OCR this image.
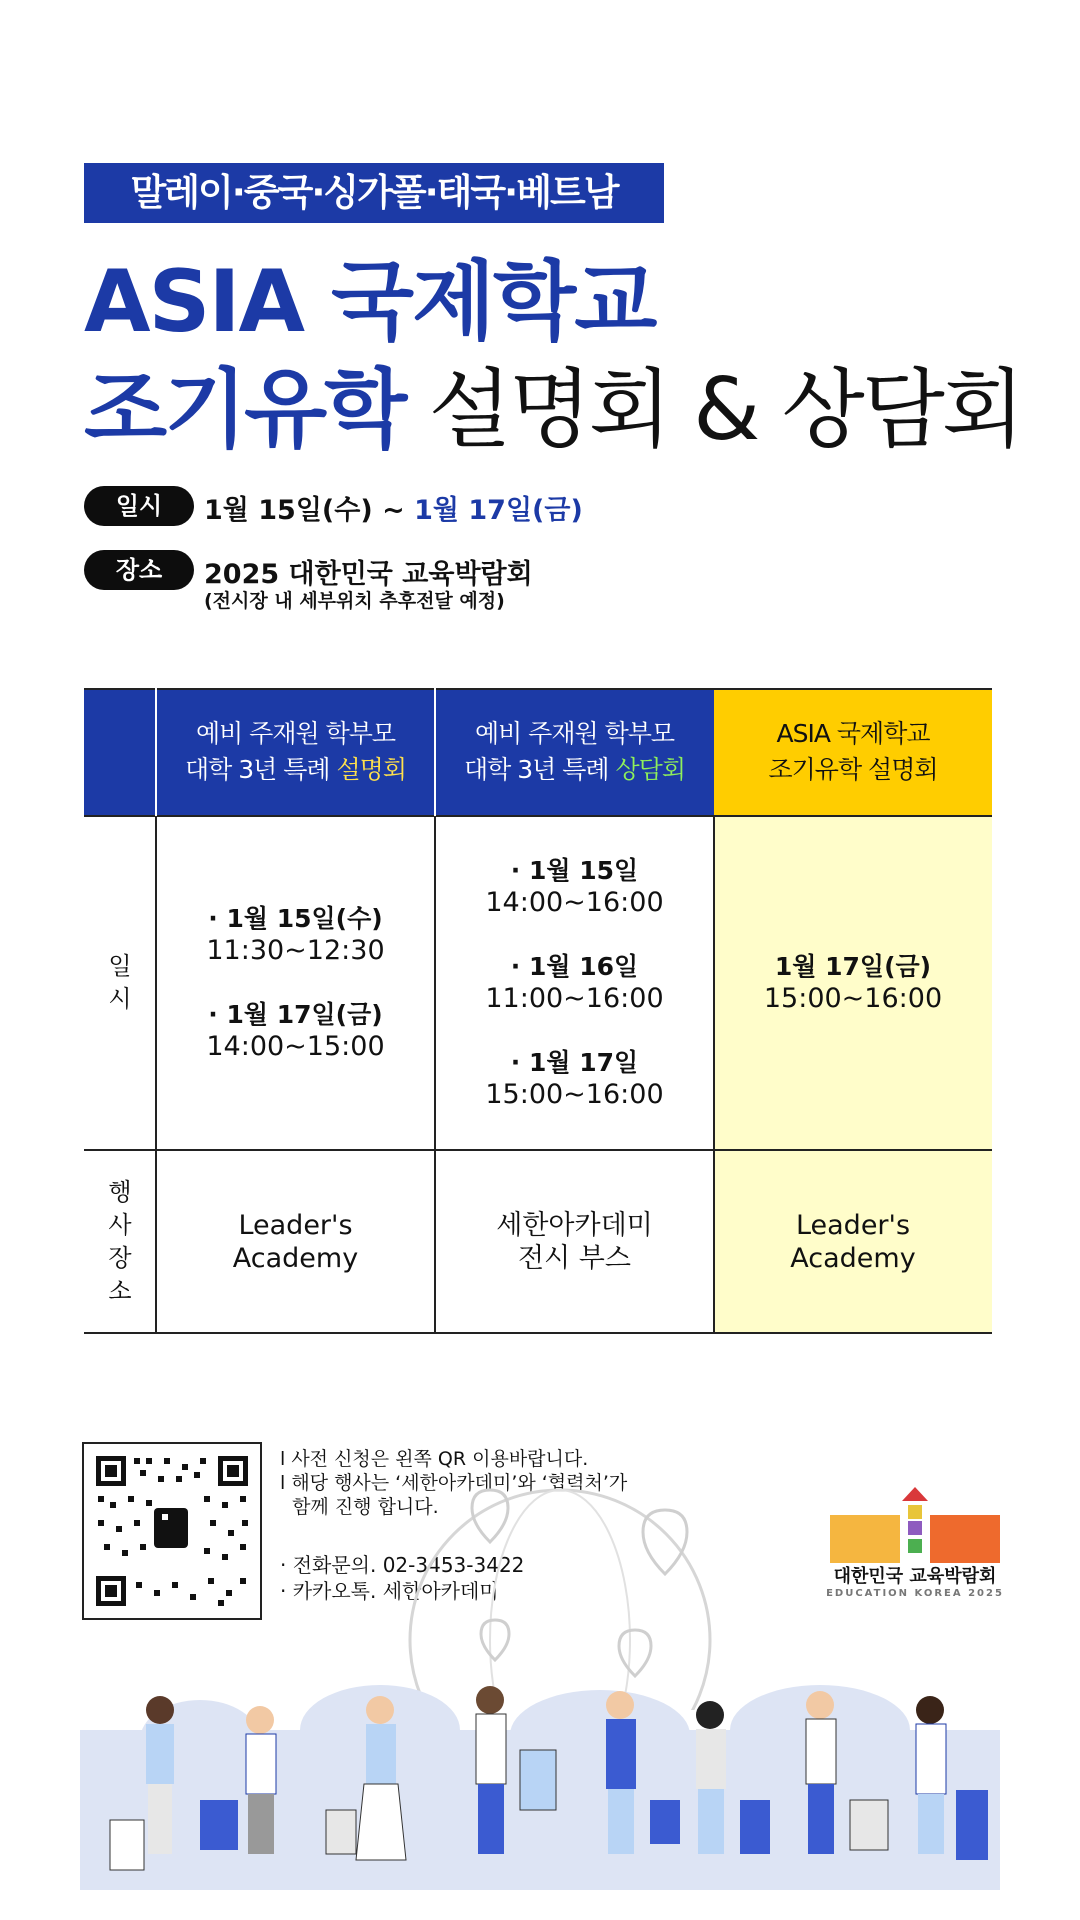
말레이·중국·싱가폴·태국·베트남
ASIA 국제학교
조기유학 설명회 & 상담회
일시	1월 15일(수) ~ 1월 17일(금)
장소	2025 대한민국 교육박람회
(전시장 내 세부위치 추후전달 예정)
예비 주재원 학부모
대학 3년 특례 설명회
예비 주재원 학부모
대학 3년 특례 상담회
ASIA 국제학교
조기유학 설명회
일
시
· 1월 15일(수)
11:30~12:30
· 1월 17일(금)
14:00~15:00
· 1월 15일
14:00~16:00
· 1월 16일
11:00~16:00
· 1월 17일
15:00~16:00
1월 17일(금)
15:00~16:00
행
사
장
소
Leader's
Academy
세한아카데미
전시 부스
Leader's
Academy
l 사전 신청은 왼쪽 QR 이용바랍니다.
l 해당 행사는 ‘세한아카데미’와 ‘협력처’가
함께 진행 합니다.
· 전화문의. 02-3453-3422
· 카카오톡. 세한아카데미
대한민국 교육박람회
EDUCATION KOREA 2025
